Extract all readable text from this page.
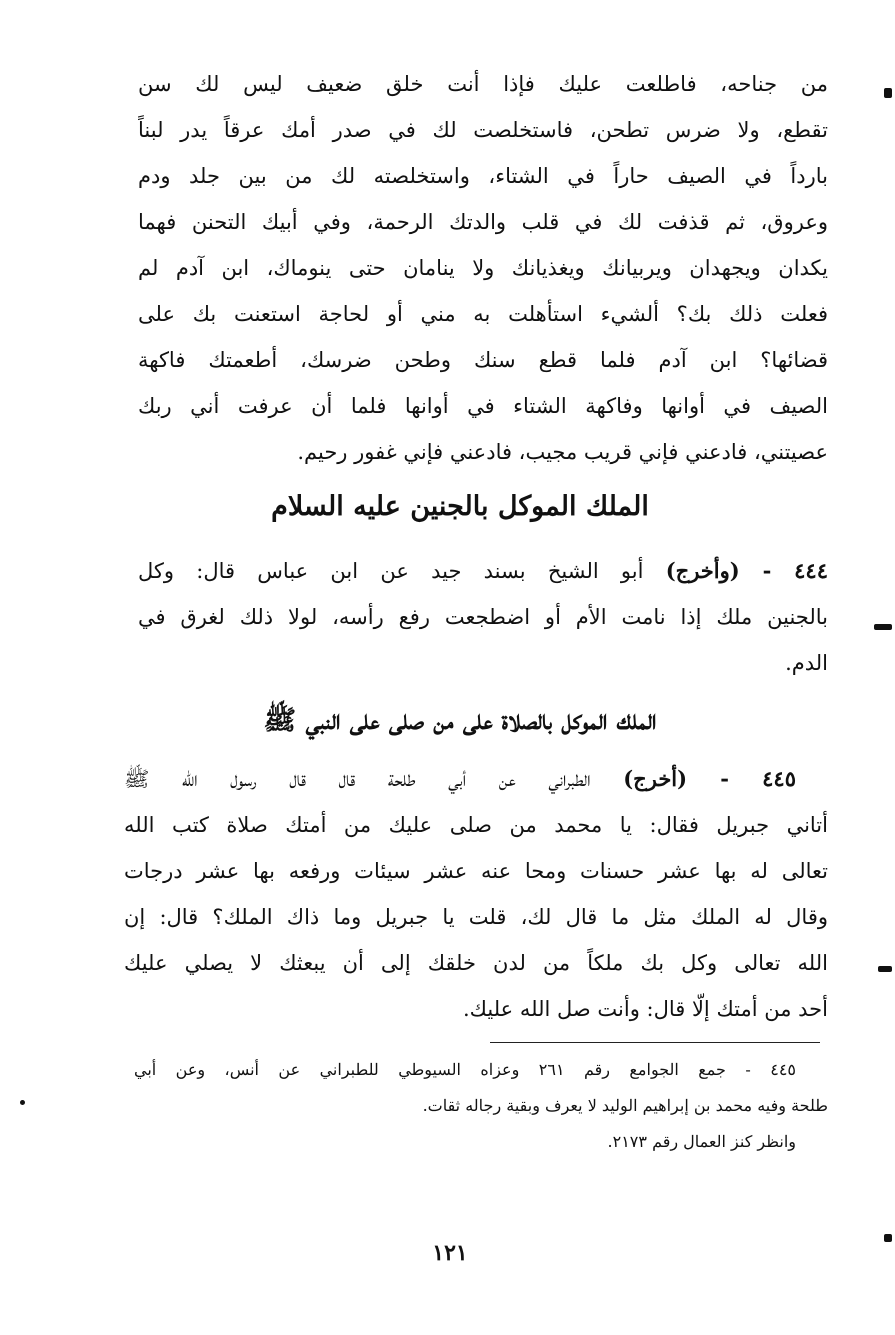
من جناحه، فاطلعت عليك فإذا أنت خلق ضعيف ليس لك سن
تقطع، ولا ضرس تطحن، فاستخلصت لك في صدر أمك عرقاً يدر لبناً
بارداً في الصيف حاراً في الشتاء، واستخلصته لك من بين جلد ودم
وعروق، ثم قذفت لك في قلب والدتك الرحمة، وفي أبيك التحنن فهما
يكدان ويجهدان ويربيانك ويغذيانك ولا ينامان حتى ينوماك، ابن آدم لم
فعلت ذلك بك؟ ألشيء استأهلت به مني أو لحاجة استعنت بك على
قضائها؟ ابن آدم فلما قطع سنك وطحن ضرسك، أطعمتك فاكهة
الصيف في أوانها وفاكهة الشتاء في أوانها فلما أن عرفت أني ربك
عصيتني، فادعني فإني قريب مجيب، فادعني فإني غفور رحيم.
الملك الموكل بالجنين عليه السلام
٤٤٤ - (وأخرج) أبو الشيخ بسند جيد عن ابن عباس قال: وكل
بالجنين ملك إذا نامت الأم أو اضطجعت رفع رأسه، لولا ذلك لغرق في
الدم.
الملك الموكل بالصلاة على من صلى على النبي ﷺ
٤٤٥ - (أخرج) الطبراني عن أبي طلحة قال قال رسول الله ﷺ
أتاني جبريل فقال: يا محمد من صلى عليك من أمتك صلاة كتب الله
تعالى له بها عشر حسنات ومحا عنه عشر سيئات ورفعه بها عشر درجات
وقال له الملك مثل ما قال لك، قلت يا جبريل وما ذاك الملك؟ قال: إن
الله تعالى وكل بك ملكاً من لدن خلقك إلى أن يبعثك لا يصلي عليك
أحد من أمتك إلّا قال: وأنت صل الله عليك.
٤٤٥ - جمع الجوامع رقم ٢٦١ وعزاه السيوطي للطبراني عن أنس، وعن أبي
طلحة وفيه محمد بن إبراهيم الوليد لا يعرف وبقية رجاله ثقات.
وانظر كنز العمال رقم ٢١٧٣.
١٢١
